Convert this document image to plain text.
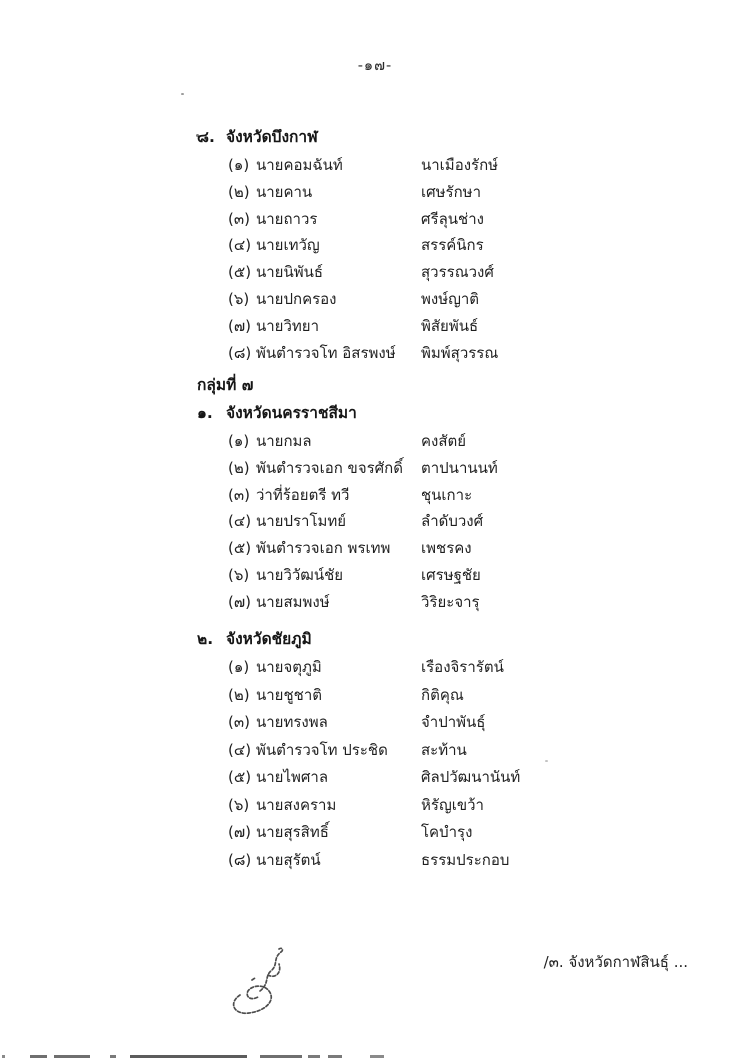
-๑๗-
๘. จังหวัดบึงกาฬ
(๑) นายคอมฉันท์	นาเมืองรักษ์
(๒) นายคาน	เศษรักษา
(๓) นายถาวร	ศรีลุนช่าง
(๔) นายเทวัญ	สรรค์นิกร
(๕) นายนิพันธ์	สุวรรณวงศ์
(๖) นายปกครอง	พงษ์ญาติ
(๗) นายวิทยา	พิสัยพันธ์
(๘) พันตำรวจโท อิสรพงษ์	พิมพ์สุวรรณ
กลุ่มที่ ๗
๑. จังหวัดนครราชสีมา
(๑) นายกมล	คงสัตย์
(๒) พันตำรวจเอก ขจรศักดิ์	ตาปนานนท์
(๓) ว่าที่ร้อยตรี ทวี	ชุนเกาะ
(๔) นายปราโมทย์	ลำดับวงศ์
(๕) พันตำรวจเอก พรเทพ	เพชรคง
(๖) นายวิวัฒน์ชัย	เศรษฐชัย
(๗) นายสมพงษ์	วิริยะจารุ
๒. จังหวัดชัยภูมิ
(๑) นายจตุภูมิ	เรืองจิรารัตน์
(๒) นายชูชาติ	กิติคุณ
(๓) นายทรงพล	จำปาพันธุ์
(๔) พันตำรวจโท ประชิด	สะท้าน
(๕) นายไพศาล	ศิลปวัฒนานันท์
(๖) นายสงคราม	หิรัญเขว้า
(๗) นายสุรสิทธิ์	โคบำรุง
(๘) นายสุรัตน์	ธรรมประกอบ
/๓. จังหวัดกาฬสินธุ์ ...
